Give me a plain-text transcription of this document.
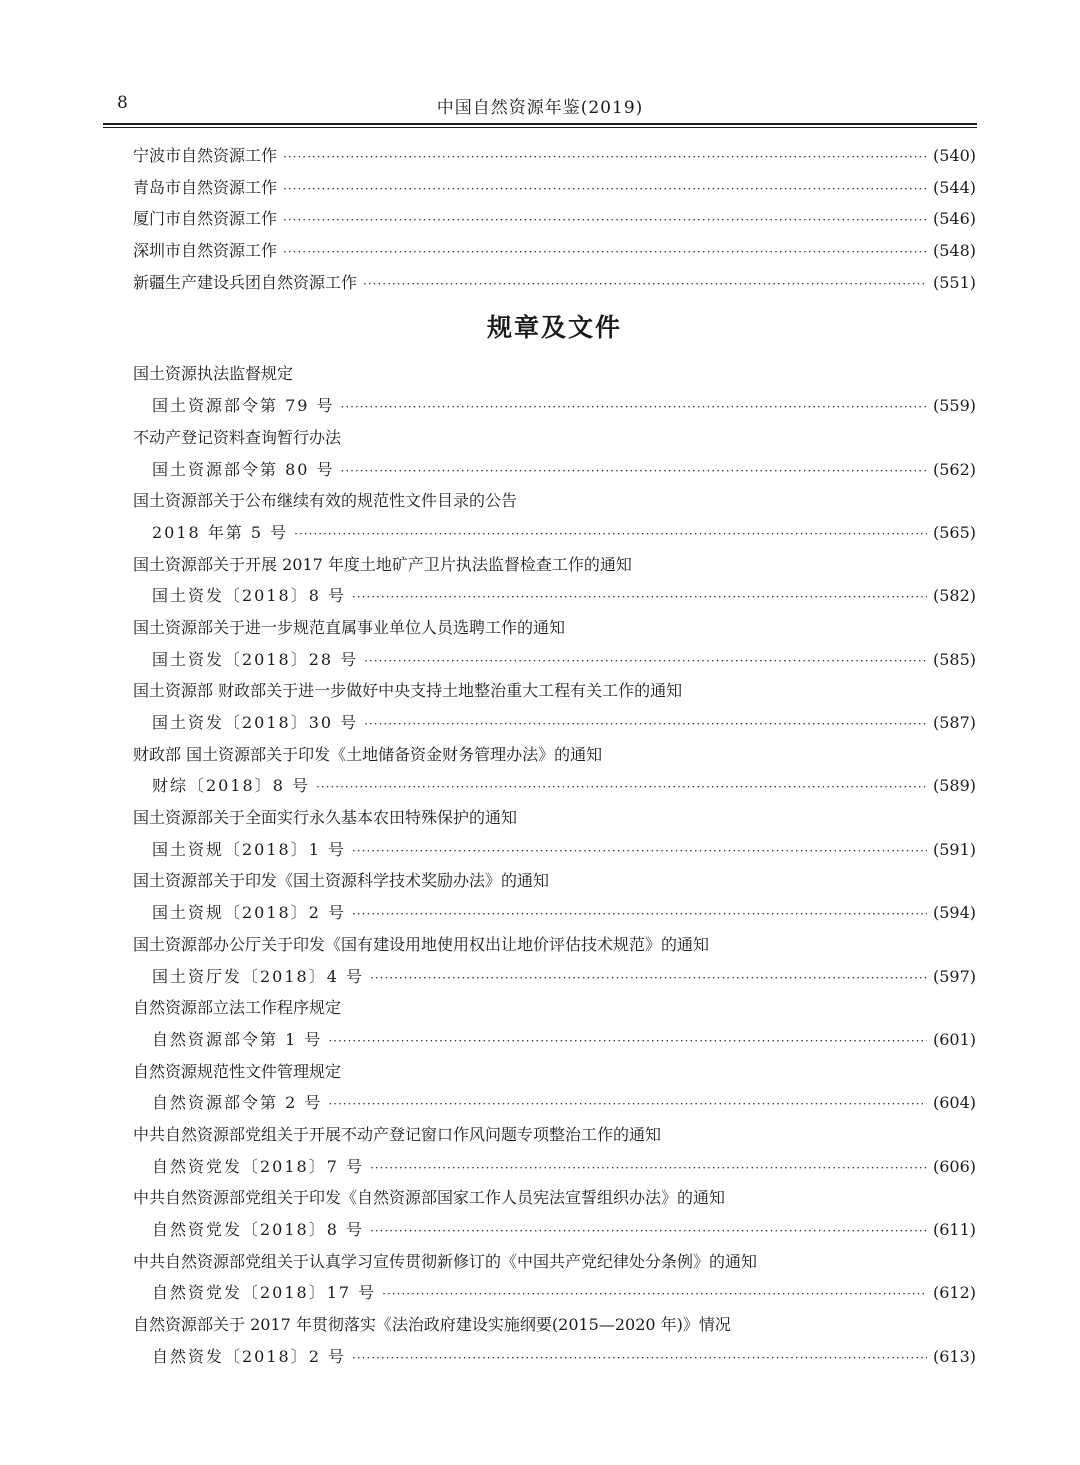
8	中国自然资源年鉴(2019)
宁波市自然资源工作 ·····	(540)
青岛市自然资源工作 ·····	(544)
厦门市自然资源工作 ·····	(546)
深圳市自然资源工作 ·····	(548)
新疆生产建设兵团自然资源工作 ·····	(551)
规章及文件
国土资源执法监督规定
国土资源部令第 79 号 ·····	(559)
不动产登记资料查询暂行办法
国土资源部令第 80 号 ·····	(562)
国土资源部关于公布继续有效的规范性文件目录的公告
2018 年第 5 号 ·····	(565)
国土资源部关于开展 2017 年度土地矿产卫片执法监督检查工作的通知
国土资发〔2018〕8 号 ·····	(582)
国土资源部关于进一步规范直属事业单位人员选聘工作的通知
国土资发〔2018〕28 号 ·····	(585)
国土资源部 财政部关于进一步做好中央支持土地整治重大工程有关工作的通知
国土资发〔2018〕30 号 ·····	(587)
财政部 国土资源部关于印发《土地储备资金财务管理办法》的通知
财综〔2018〕8 号 ·····	(589)
国土资源部关于全面实行永久基本农田特殊保护的通知
国土资规〔2018〕1 号 ·····	(591)
国土资源部关于印发《国土资源科学技术奖励办法》的通知
国土资规〔2018〕2 号 ·····	(594)
国土资源部办公厅关于印发《国有建设用地使用权出让地价评估技术规范》的通知
国土资厅发〔2018〕4 号 ·····	(597)
自然资源部立法工作程序规定
自然资源部令第 1 号 ·····	(601)
自然资源规范性文件管理规定
自然资源部令第 2 号 ·····	(604)
中共自然资源部党组关于开展不动产登记窗口作风问题专项整治工作的通知
自然资党发〔2018〕7 号 ·····	(606)
中共自然资源部党组关于印发《自然资源部国家工作人员宪法宣誓组织办法》的通知
自然资党发〔2018〕8 号 ·····	(611)
中共自然资源部党组关于认真学习宣传贯彻新修订的《中国共产党纪律处分条例》的通知
自然资党发〔2018〕17 号 ·····	(612)
自然资源部关于 2017 年贯彻落实《法治政府建设实施纲要(2015—2020 年)》情况
自然资发〔2018〕2 号 ·····	(613)
